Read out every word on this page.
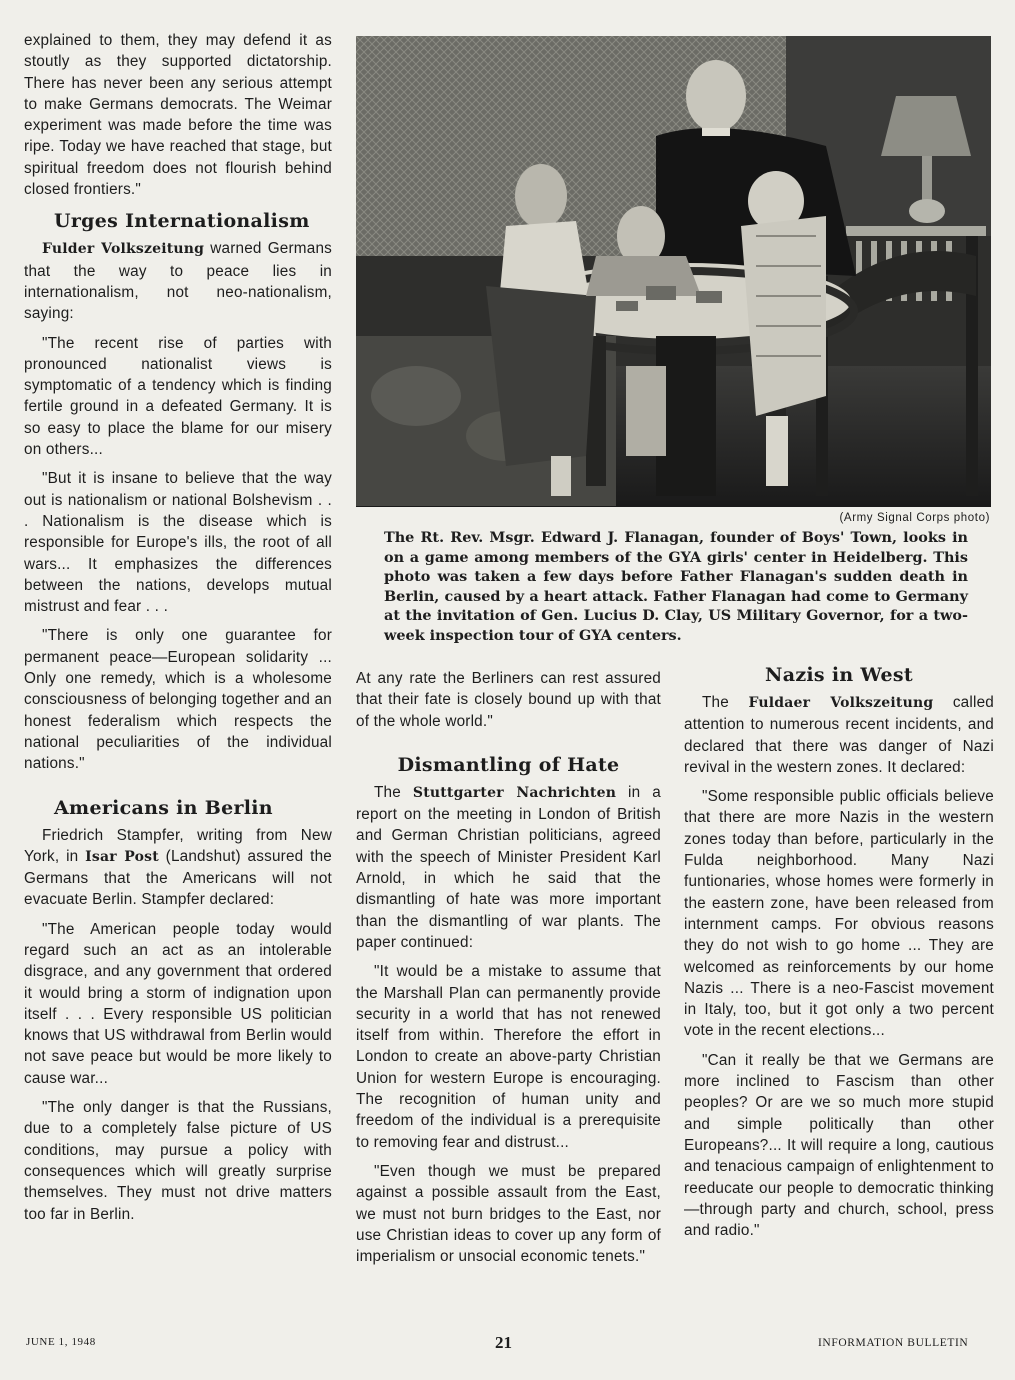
explained to them, they may defend it as stoutly as they supported dictatorship. There has never been any serious attempt to make Germans democrats. The Weimar experiment was made before the time was ripe. Today we have reached that stage, but spiritual freedom does not flourish behind closed frontiers."

Urges Internationalism

Fulder Volkszeitung warned Germans that the way to peace lies in internationalism, not neo-nationalism, saying:

"The recent rise of parties with pronounced nationalist views is symptomatic of a tendency which is finding fertile ground in a defeated Germany. It is so easy to place the blame for our misery on others...

"But it is insane to believe that the way out is nationalism or national Bolshevism . . . Nationalism is the disease which is responsible for Europe's ills, the root of all wars... It emphasizes the differences between the nations, develops mutual mistrust and fear . . .

"There is only one guarantee for permanent peace—European solidarity ... Only one remedy, which is a wholesome consciousness of belonging together and an honest federalism which respects the national peculiarities of the individual nations."

Americans in Berlin

Friedrich Stampfer, writing from New York, in Isar Post (Landshut) assured the Germans that the Americans will not evacuate Berlin. Stampfer declared:

"The American people today would regard such an act as an intolerable disgrace, and any government that ordered it would bring a storm of indignation upon itself . . . Every responsible US politician knows that US withdrawal from Berlin would not save peace but would be more likely to cause war...

"The only danger is that the Russians, due to a completely false picture of US conditions, may pursue a policy with consequences which will greatly surprise themselves. They must not drive matters too far in Berlin.

(Army Signal Corps photo)
The Rt. Rev. Msgr. Edward J. Flanagan, founder of Boys' Town, looks in on a game among members of the GYA girls' center in Heidelberg. This photo was taken a few days before Father Flanagan's sudden death in Berlin, caused by a heart attack. Father Flanagan had come to Germany at the invitation of Gen. Lucius D. Clay, US Military Governor, for a two-week inspection tour of GYA centers.

At any rate the Berliners can rest assured that their fate is closely bound up with that of the whole world."

Dismantling of Hate

The Stuttgarter Nachrichten in a report on the meeting in London of British and German Christian politicians, agreed with the speech of Minister President Karl Arnold, in which he said that the dismantling of hate was more important than the dismantling of war plants. The paper continued:

"It would be a mistake to assume that the Marshall Plan can permanently provide security in a world that has not renewed itself from within. Therefore the effort in London to create an above-party Christian Union for western Europe is encouraging. The recognition of human unity and freedom of the individual is a prerequisite to removing fear and distrust...

"Even though we must be prepared against a possible assault from the East, we must not burn bridges to the East, nor use Christian ideas to cover up any form of imperialism or unsocial economic tenets."

Nazis in West

The Fuldaer Volkszeitung called attention to numerous recent incidents, and declared that there was danger of Nazi revival in the western zones. It declared:

"Some responsible public officials believe that there are more Nazis in the western zones today than before, particularly in the Fulda neighborhood. Many Nazi funtionaries, whose homes were formerly in the eastern zone, have been released from internment camps. For obvious reasons they do not wish to go home ... They are welcomed as reinforcements by our home Nazis ... There is a neo-Fascist movement in Italy, too, but it got only a two percent vote in the recent elections...

"Can it really be that we Germans are more inclined to Fascism than other peoples? Or are we so much more stupid and simple politically than other Europeans?... It will require a long, cautious and tenacious campaign of enlightenment to reeducate our people to democratic thinking —through party and church, school, press and radio."

JUNE 1, 1948	21	INFORMATION BULLETIN
